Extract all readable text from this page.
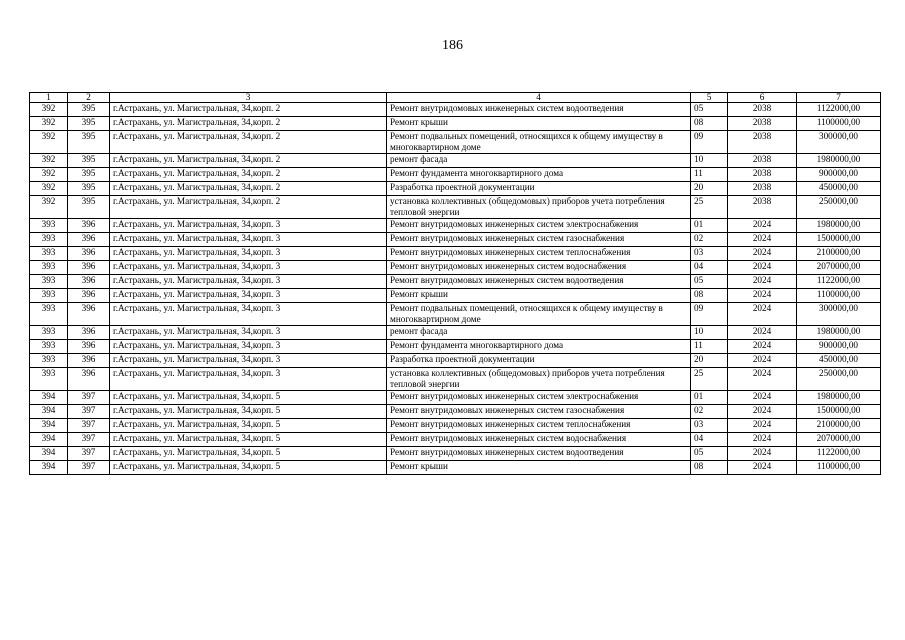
186
1	2	3	4	5	6	7
392	395	г.Астрахань, ул. Магистральная, 34,корп. 2	Ремонт внутридомовых инженерных систем водоотведения	05	2038	1122000,00
392	395	г.Астрахань, ул. Магистральная, 34,корп. 2	Ремонт крыши	08	2038	1100000,00
392	395	г.Астрахань, ул. Магистральная, 34,корп. 2	Ремонт подвальных помещений, относящихся к общему имуществу в многоквартирном доме	09	2038	300000,00
392	395	г.Астрахань, ул. Магистральная, 34,корп. 2	ремонт фасада	10	2038	1980000,00
392	395	г.Астрахань, ул. Магистральная, 34,корп. 2	Ремонт фундамента многоквартирного дома	11	2038	900000,00
392	395	г.Астрахань, ул. Магистральная, 34,корп. 2	Разработка проектной документации	20	2038	450000,00
392	395	г.Астрахань, ул. Магистральная, 34,корп. 2	установка коллективных (общедомовых) приборов учета потребления тепловой энергии	25	2038	250000,00
393	396	г.Астрахань, ул. Магистральная, 34,корп. 3	Ремонт внутридомовых инженерных систем электроснабжения	01	2024	1980000,00
393	396	г.Астрахань, ул. Магистральная, 34,корп. 3	Ремонт внутридомовых инженерных систем газоснабжения	02	2024	1500000,00
393	396	г.Астрахань, ул. Магистральная, 34,корп. 3	Ремонт внутридомовых инженерных систем теплоснабжения	03	2024	2100000,00
393	396	г.Астрахань, ул. Магистральная, 34,корп. 3	Ремонт внутридомовых инженерных систем водоснабжения	04	2024	2070000,00
393	396	г.Астрахань, ул. Магистральная, 34,корп. 3	Ремонт внутридомовых инженерных систем водоотведения	05	2024	1122000,00
393	396	г.Астрахань, ул. Магистральная, 34,корп. 3	Ремонт крыши	08	2024	1100000,00
393	396	г.Астрахань, ул. Магистральная, 34,корп. 3	Ремонт подвальных помещений, относящихся к общему имуществу в многоквартирном доме	09	2024	300000,00
393	396	г.Астрахань, ул. Магистральная, 34,корп. 3	ремонт фасада	10	2024	1980000,00
393	396	г.Астрахань, ул. Магистральная, 34,корп. 3	Ремонт фундамента многоквартирного дома	11	2024	900000,00
393	396	г.Астрахань, ул. Магистральная, 34,корп. 3	Разработка проектной документации	20	2024	450000,00
393	396	г.Астрахань, ул. Магистральная, 34,корп. 3	установка коллективных (общедомовых) приборов учета потребления тепловой энергии	25	2024	250000,00
394	397	г.Астрахань, ул. Магистральная, 34,корп. 5	Ремонт внутридомовых инженерных систем электроснабжения	01	2024	1980000,00
394	397	г.Астрахань, ул. Магистральная, 34,корп. 5	Ремонт внутридомовых инженерных систем газоснабжения	02	2024	1500000,00
394	397	г.Астрахань, ул. Магистральная, 34,корп. 5	Ремонт внутридомовых инженерных систем теплоснабжения	03	2024	2100000,00
394	397	г.Астрахань, ул. Магистральная, 34,корп. 5	Ремонт внутридомовых инженерных систем водоснабжения	04	2024	2070000,00
394	397	г.Астрахань, ул. Магистральная, 34,корп. 5	Ремонт внутридомовых инженерных систем водоотведения	05	2024	1122000,00
394	397	г.Астрахань, ул. Магистральная, 34,корп. 5	Ремонт крыши	08	2024	1100000,00
